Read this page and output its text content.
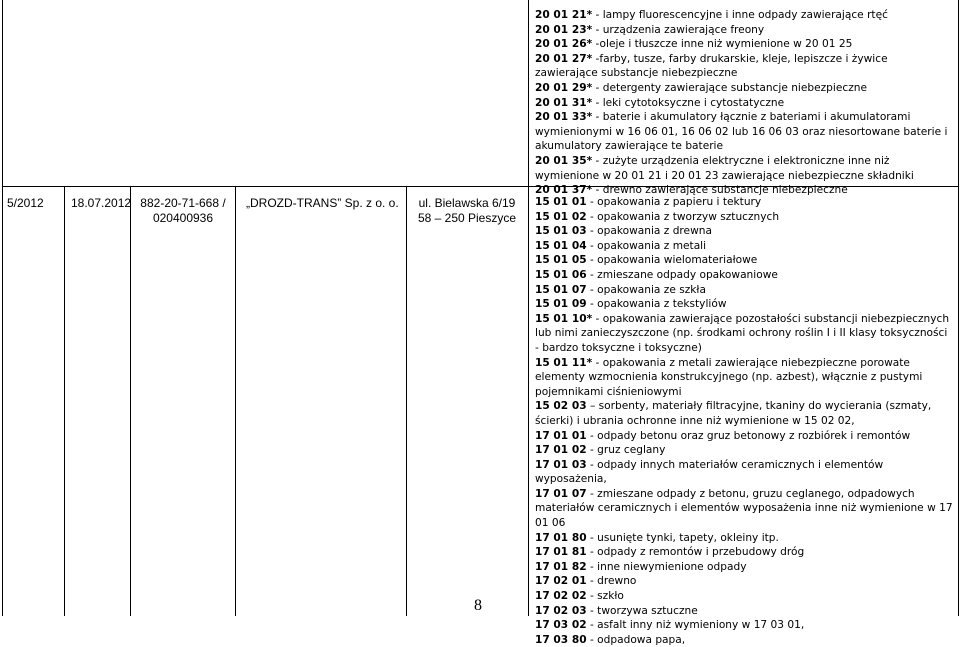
20 01 21* - lampy fluorescencyjne i inne odpady zawierające rtęć

20 01 23* - urządzenia zawierające freony

20 01 26* -oleje i tłuszcze inne niż wymienione w 20 01 25

20 01 27* -farby, tusze, farby drukarskie, kleje, lepiszcze i żywice zawierające substancje niebezpieczne

20 01 29* - detergenty zawierające substancje niebezpieczne

20 01 31* - leki cytotoksyczne i cytostatyczne

20 01 33* - baterie i akumulatory łącznie z bateriami i akumulatorami wymienionymi w 16 06 01, 16 06 02 lub 16 06 03 oraz niesortowane baterie i akumulatory zawierające te baterie

20 01 35* - zużyte urządzenia elektryczne i elektroniczne inne niż wymienione w 20 01 21 i 20 01 23 zawierające niebezpieczne składniki

20 01 37* - drewno zawierające substancje niebezpieczne

5/2012 18.07.2012 882-20-71-668 /
020400936
„DROZD-TRANS” Sp. z o. o.	ul. Bielawska 6/19
58 – 250 Pieszyce

15 01 01 - opakowania z papieru i tektury

15 01 02 - opakowania z tworzyw sztucznych

15 01 03 - opakowania z drewna

15 01 04 - opakowania z metali

15 01 05 - opakowania wielomateriałowe

15 01 06 - zmieszane odpady opakowaniowe

15 01 07 - opakowania ze szkła

15 01 09 - opakowania z tekstyliów

15 01 10* - opakowania zawierające pozostałości substancji niebezpiecznych lub nimi zanieczyszczone (np. środkami ochrony roślin I i II klasy toksyczności - bardzo toksyczne i toksyczne)

15 01 11* - opakowania z metali zawierające niebezpieczne porowate elementy wzmocnienia konstrukcyjnego (np. azbest), włącznie z pustymi pojemnikami ciśnieniowymi

15 02 03 – sorbenty, materiały filtracyjne, tkaniny do wycierania (szmaty, ścierki) i ubrania ochronne inne niż wymienione w 15 02 02,

17 01 01 - odpady betonu oraz gruz betonowy z rozbiórek i remontów

17 01 02 - gruz ceglany

17 01 03 - odpady innych materiałów ceramicznych i elementów wyposażenia,

17 01 07 - zmieszane odpady z betonu, gruzu ceglanego, odpadowych materiałów ceramicznych i elementów wyposażenia inne niż wymienione w 17 01 06

17 01 80 - usunięte tynki, tapety, okleiny itp.

17 01 81 - odpady z remontów i przebudowy dróg

17 01 82 - inne niewymienione odpady

17 02 01 - drewno

17 02 02 - szkło

17 02 03 - tworzywa sztuczne

17 03 02 - asfalt inny niż wymieniony w 17 03 01,

17 03 80 - odpadowa papa,

8
